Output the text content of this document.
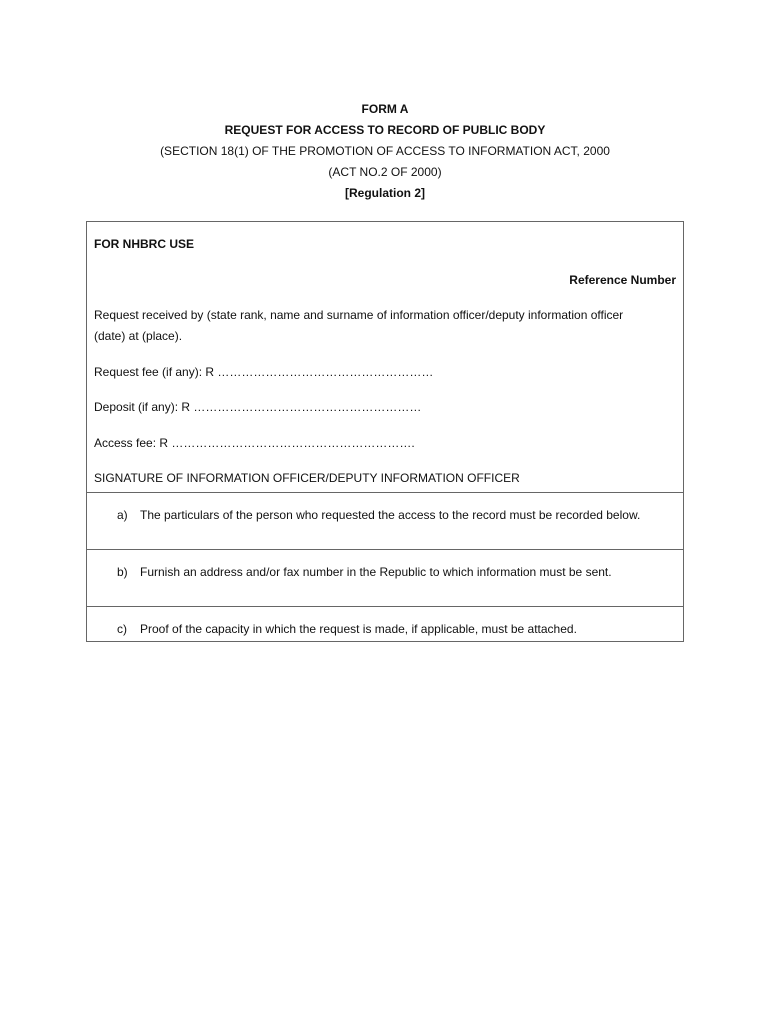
FORM A
REQUEST FOR ACCESS TO RECORD OF PUBLIC BODY
(SECTION 18(1) OF THE PROMOTION OF ACCESS TO INFORMATION ACT, 2000
(ACT NO.2 OF 2000)
[Regulation 2]
FOR NHBRC USE
Reference Number
Request received by (state rank, name and surname of information officer/deputy information officer
(date) at (place).
Request fee (if any): R ………………………………………………
Deposit (if any): R …………………………………………………
Access fee: R …………………………………………………….
SIGNATURE OF INFORMATION OFFICER/DEPUTY INFORMATION OFFICER
a) The particulars of the person who requested the access to the record must be recorded below.
b) Furnish an address and/or fax number in the Republic to which information must be sent.
c) Proof of the capacity in which the request is made, if applicable, must be attached.
